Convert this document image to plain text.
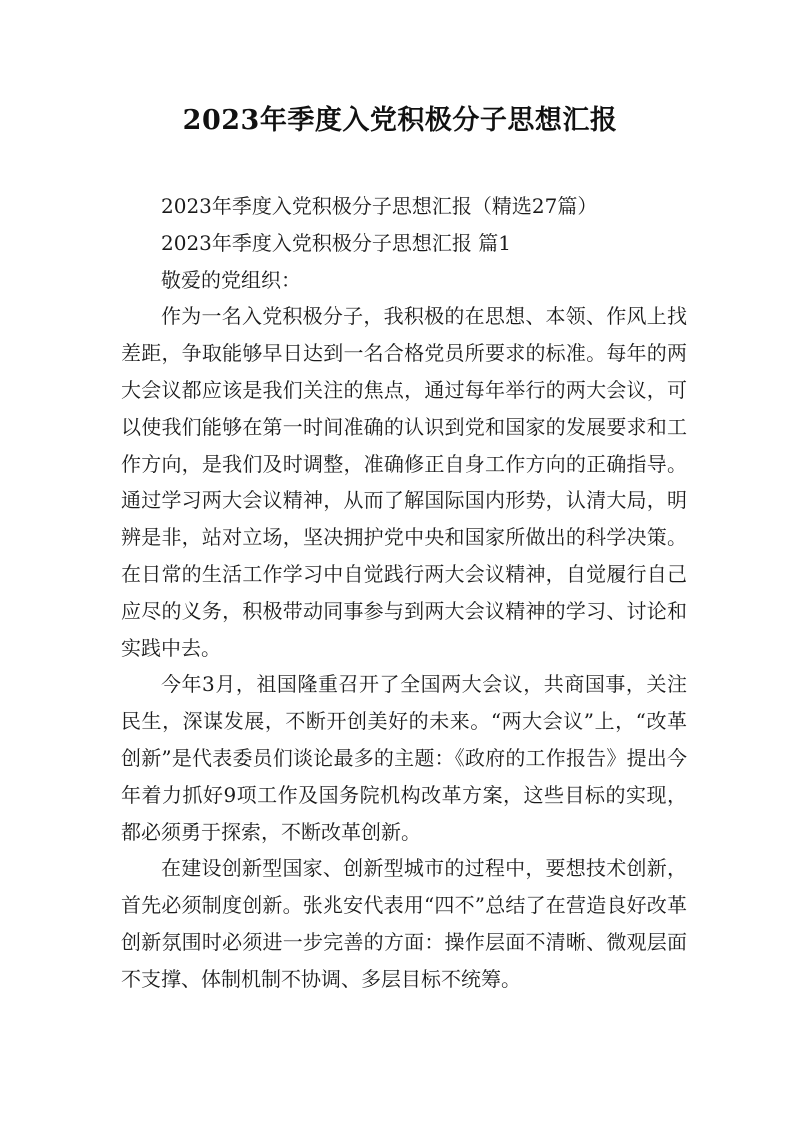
2023年季度入党积极分子思想汇报

2023年季度入党积极分子思想汇报（精选27篇）

2023年季度入党积极分子思想汇报 篇1

敬爱的党组织：

作为一名入党积极分子，我积极的在思想、本领、作风上找差距，争取能够早日达到一名合格党员所要求的标准。每年的两大会议都应该是我们关注的焦点，通过每年举行的两大会议，可以使我们能够在第一时间准确的认识到党和国家的发展要求和工作方向，是我们及时调整，准确修正自身工作方向的正确指导。通过学习两大会议精神，从而了解国际国内形势，认清大局，明辨是非，站对立场，坚决拥护党中央和国家所做出的科学决策。在日常的生活工作学习中自觉践行两大会议精神，自觉履行自己应尽的义务，积极带动同事参与到两大会议精神的学习、讨论和实践中去。

今年3月，祖国隆重召开了全国两大会议，共商国事，关注民生，深谋发展，不断开创美好的未来。“两大会议”上，“改革创新”是代表委员们谈论最多的主题：《政府的工作报告》提出今年着力抓好9项工作及国务院机构改革方案，这些目标的实现，都必须勇于探索，不断改革创新。

在建设创新型国家、创新型城市的过程中，要想技术创新，首先必须制度创新。张兆安代表用“四不”总结了在营造良好改革创新氛围时必须进一步完善的方面：操作层面不清晰、微观层面不支撑、体制机制不协调、多层目标不统筹。
